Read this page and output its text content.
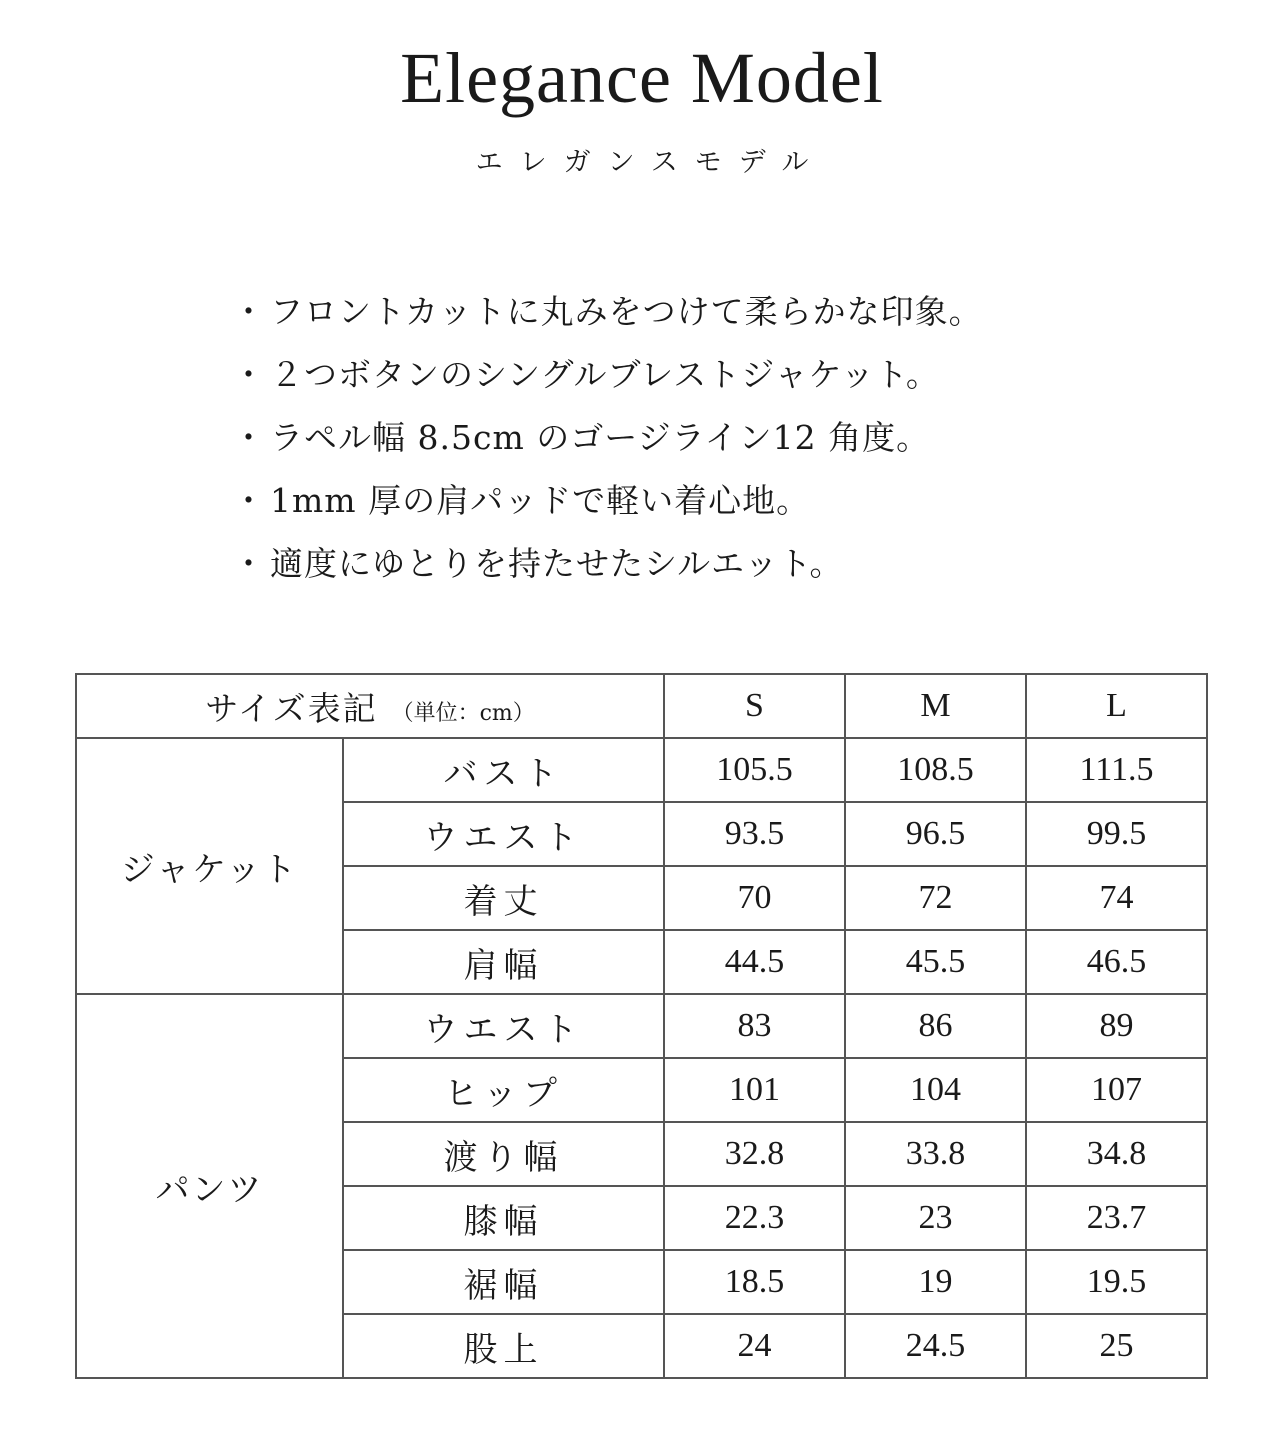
Elegance Model
エレガンスモデル
・ フロントカットに丸みをつけて柔らかな印象。
・ ２つボタンのシングルブレストジャケット。
・ ラペル幅 8.5cm のゴージライン12 角度。
・ 1mm 厚の肩パッドで軽い着心地。
・ 適度にゆとりを持たせたシルエット。
サイズ表記 （単位：cm）		S	M	L
ジャケット	バスト	105.5	108.5	111.5
	ウエスト	93.5	96.5	99.5
	着丈	70	72	74
	肩幅	44.5	45.5	46.5
パンツ	ウエスト	83	86	89
	ヒップ	101	104	107
	渡り幅	32.8	33.8	34.8
	膝幅	22.3	23	23.7
	裾幅	18.5	19	19.5
	股上	24	24.5	25
